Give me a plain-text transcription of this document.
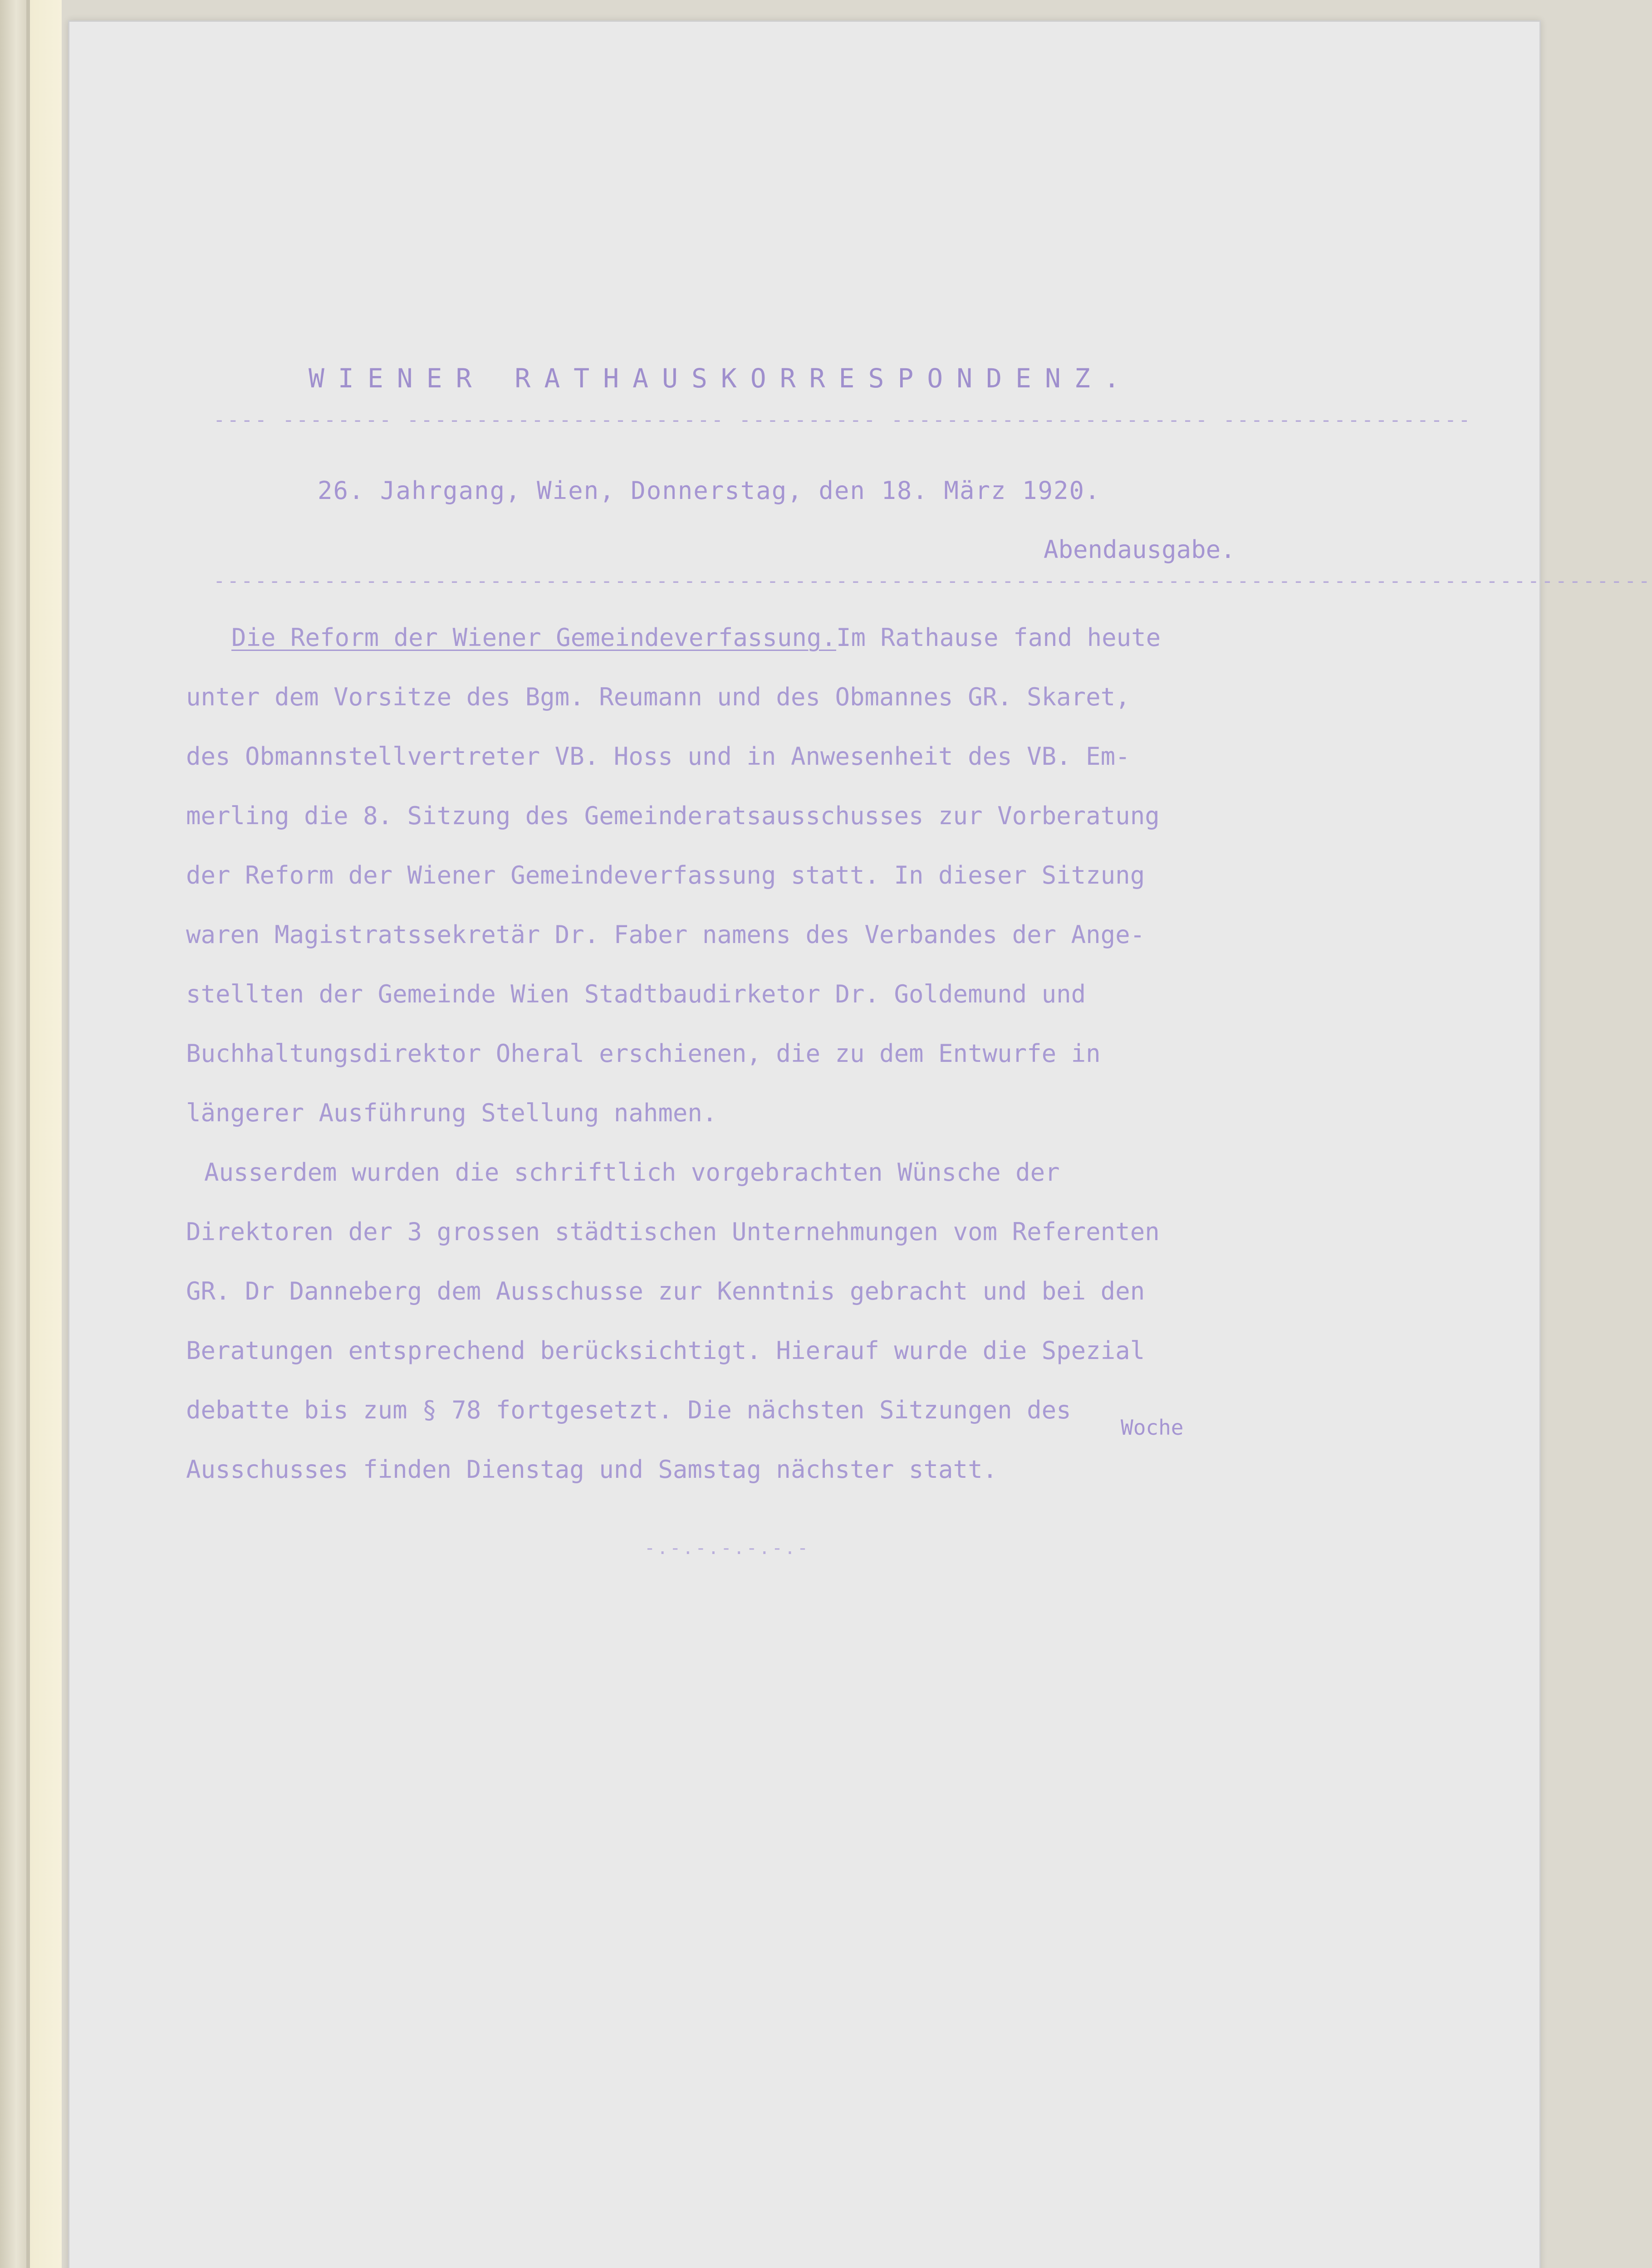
WIENER RATHAUSKORRESPONDENZ.
---- -------- ----------------------- ---------- ----------------------- ------------------
26. Jahrgang, Wien, Donnerstag, den 18. März 1920.
Abendausgabe.
--------------------------------------------------------------------------------------------------------
Die Reform der Wiener Gemeindeverfassung.Im Rathause fand heute
unter dem Vorsitze des Bgm. Reumann und des Obmannes GR. Skaret,
des Obmannstellvertreter VB. Hoss und in Anwesenheit des VB. Em-
merling die 8. Sitzung des Gemeinderatsausschusses zur Vorberatung
der Reform der Wiener Gemeindeverfassung statt. In dieser Sitzung
waren Magistratssekretär Dr. Faber namens des Verbandes der Ange-
stellten der Gemeinde Wien Stadtbaudirketor Dr. Goldemund und
Buchhaltungsdirektor Oheral erschienen, die zu dem Entwurfe in
längerer Ausführung Stellung nahmen.
Ausserdem wurden die schriftlich vorgebrachten Wünsche der
Direktoren der 3 grossen städtischen Unternehmungen vom Referenten
GR. Dr Danneberg dem Ausschusse zur Kenntnis gebracht und bei den
Beratungen entsprechend berücksichtigt. Hierauf wurde die Spezial
debatte bis zum § 78 fortgesetzt. Die nächsten Sitzungen des
Ausschusses finden Dienstag und Samstag nächster statt.
Woche
-.-.-.-.-.-.-
